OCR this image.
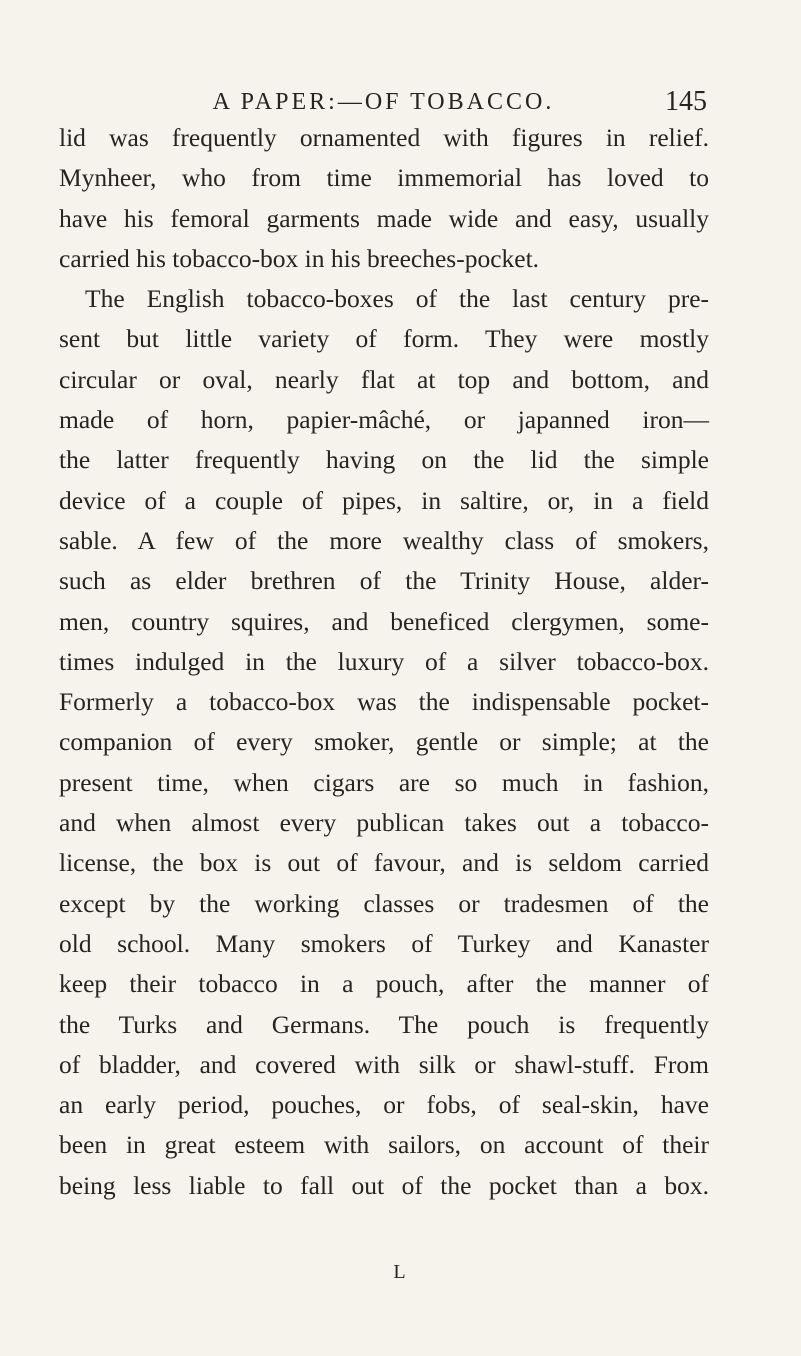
A PAPER:—OF TOBACCO.	145
lid was frequently ornamented with figures in relief.
Mynheer, who from time immemorial has loved to
have his femoral garments made wide and easy, usually
carried his tobacco-box in his breeches-pocket.
The English tobacco-boxes of the last century pre-
sent but little variety of form. They were mostly
circular or oval, nearly flat at top and bottom, and
made of horn, papier-mâché, or japanned iron—
the latter frequently having on the lid the simple
device of a couple of pipes, in saltire, or, in a field
sable. A few of the more wealthy class of smokers,
such as elder brethren of the Trinity House, alder-
men, country squires, and beneficed clergymen, some-
times indulged in the luxury of a silver tobacco-box.
Formerly a tobacco-box was the indispensable pocket-
companion of every smoker, gentle or simple; at the
present time, when cigars are so much in fashion,
and when almost every publican takes out a tobacco-
license, the box is out of favour, and is seldom carried
except by the working classes or tradesmen of the
old school. Many smokers of Turkey and Kanaster
keep their tobacco in a pouch, after the manner of
the Turks and Germans. The pouch is frequently
of bladder, and covered with silk or shawl-stuff. From
an early period, pouches, or fobs, of seal-skin, have
been in great esteem with sailors, on account of their
being less liable to fall out of the pocket than a box.
L
